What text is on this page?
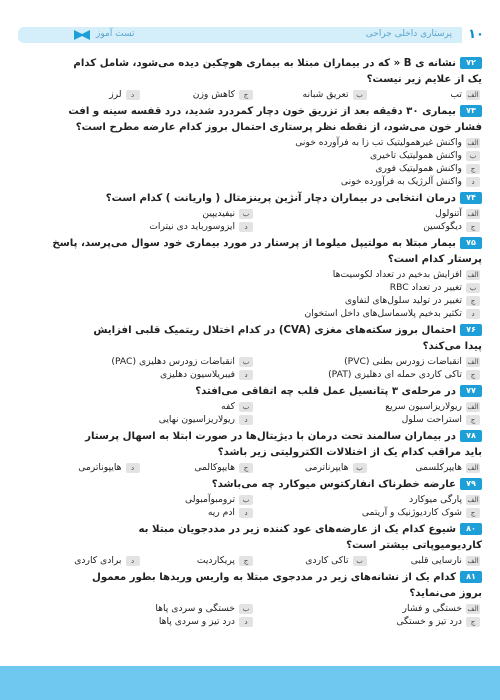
۱۰
پرستاری داخلی جراحی
تست آموز
۷۲نشانه ی B « که در بیماران مبتلا به بیماری هوچکین دیده می‌شود، شامل کدام
یک از علایم زیر نیست؟
الفتب
بتعریق شبانه
جکاهش وزن
دلرز
۷۳بیماری ۳۰ دقیقه بعد از تزریق خون دچار کمردرد شدید، درد قفسه سینه و افت
فشار خون می‌شود، از نقطه نظر پرستاری احتمال بروز کدام عارضه مطرح است؟
الفواکنش غیرهمولیتیک تب زا به فرآورده خونی
بواکنش همولیتیک تاخیری
جواکنش همولیتیک فوری
دواکنش آلرژیک به فرآورده خونی
۷۴درمان انتخابی در بیماران دچار آنژین پرینزمتال ( واریانت ) کدام است؟
الفآتنولول
بنیفیدیپین
جدیگوکسین
دایزوسورباید دی نیترات
۷۵بیمار مبتلا به مولتیپل میلوما از پرستار در مورد بیماری خود سوال می‌پرسد، پاسخ
پرستار کدام است؟
الفافزایش بدخیم در تعداد لکوسیت‌ها
بتغییر در تعداد RBC
جتغییر در تولید سلول‌های لنفاوی
دتکثیر بدخیم پلاسماسل‌های داخل استخوان
۷۶احتمال بروز سکته‌های مغزی (CVA) در کدام اختلال ریتمیک قلبی افزایش
پیدا می‌کند؟
الفانقباضات زودرس بطنی (PVC)
بانقباضات زودرس دهلیزی (PAC)
جتاکی کاردی حمله ای دهلیزی (PAT)
دفیبریلاسیون دهلیزی
۷۷در مرحله‌ی ۳ پتانسیل عمل قلب چه اتفاقی می‌افتد؟
الفریولاریزاسیون سریع
بکفه
جاستراحت سلول
دریولاریزاسیون نهایی
۷۸در بیماران سالمند تحت درمان با دیژیتال‌ها در صورت ابتلا به اسهال پرستار
باید مراقب کدام یک از اختلالات الکترولیتی زیر باشد؟
الفهایپرکلسمی
بهایپرناترمی
جهایپوکالمی
دهایپوناترمی
۷۹عارضه خطرناک انفارکتوس میوکارد چه می‌باشد؟
الفپارگی میوکارد
بترومبوآمبولی
جشوک کاردیوژنیک و آریتمی
دادم ریه
۸۰شیوع کدام یک از عارضه‌های عود کننده زیر در مددجویان مبتلا به
کاردیومیوپاتی بیشتر است؟
الفنارسایی قلبی
بتاکی کاردی
جپریکاردیت
دبرادی کاردی
۸۱کدام یک از نشانه‌های زیر در مددجوی مبتلا به واریس وریدها بطور معمول
بروز می‌نماید؟
الفخستگی و فشار
بخستگی و سردی پاها
جدرد تیز و خستگی
ددرد تیز و سردی پاها
